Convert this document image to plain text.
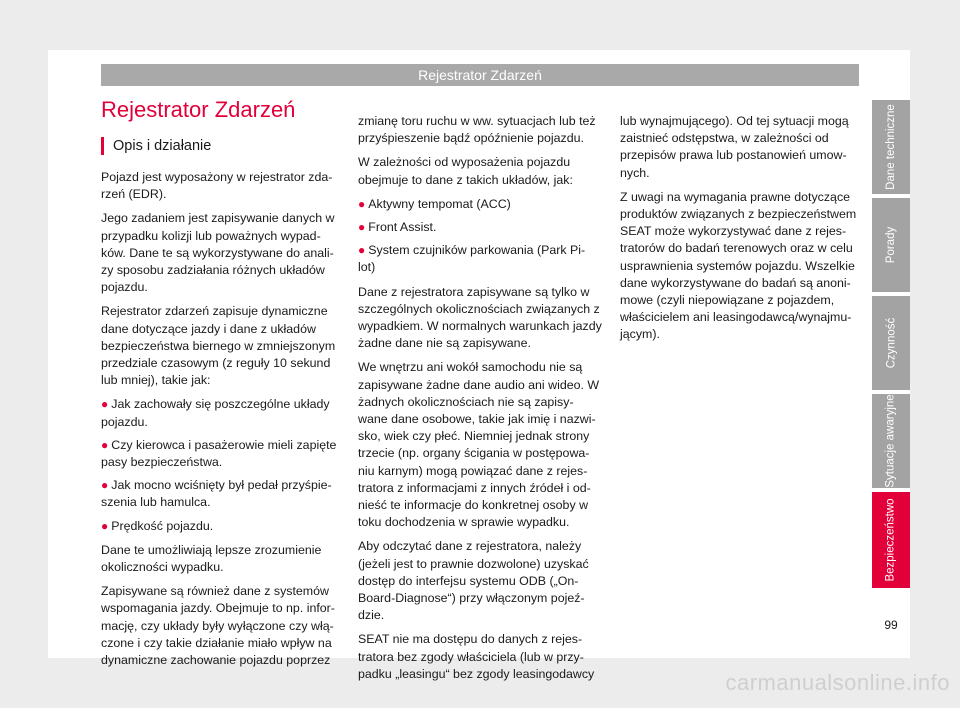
Rejestrator Zdarzeń
Rejestrator Zdarzeń
Opis i działanie

Pojazd jest wyposażony w rejestrator zda- rzeń (EDR).

Jego zadaniem jest zapisywanie danych w przypadku kolizji lub poważnych wypad- ków. Dane te są wykorzystywane do anali- zy sposobu zadziałania różnych układów pojazdu.

Rejestrator zdarzeń zapisuje dynamiczne dane dotyczące jazdy i dane z układów bezpieczeństwa biernego w zmniejszonym przedziale czasowym (z reguły 10 sekund lub mniej), takie jak:

● Jak zachowały się poszczególne układy pojazdu.
● Czy kierowca i pasażerowie mieli zapięte pasy bezpieczeństwa.
● Jak mocno wciśnięty był pedał przyśpie- szenia lub hamulca.
● Prędkość pojazdu.

Dane te umożliwiają lepsze zrozumienie okoliczności wypadku.

Zapisywane są również dane z systemów wspomagania jazdy. Obejmuje to np. infor- mację, czy układy były wyłączone czy włą- czone i czy takie działanie miało wpływ na dynamiczne zachowanie pojazdu poprzez

zmianę toru ruchu w ww. sytuacjach lub też przyśpieszenie bądź opóźnienie pojazdu.

W zależności od wyposażenia pojazdu obejmuje to dane z takich układów, jak:

● Aktywny tempomat (ACC)
● Front Assist.
● System czujników parkowania (Park Pi- lot)

Dane z rejestratora zapisywane są tylko w szczególnych okolicznościach związanych z wypadkiem. W normalnych warunkach jazdy żadne dane nie są zapisywane.

We wnętrzu ani wokół samochodu nie są zapisywane żadne dane audio ani wideo. W żadnych okolicznościach nie są zapisy- wane dane osobowe, takie jak imię i nazwi- sko, wiek czy płeć. Niemniej jednak strony trzecie (np. organy ścigania w postępowa- niu karnym) mogą powiązać dane z rejes- tratora z informacjami z innych źródeł i od- nieść te informacje do konkretnej osoby w toku dochodzenia w sprawie wypadku.

Aby odczytać dane z rejestratora, należy (jeżeli jest to prawnie dozwolone) uzyskać dostęp do interfejsu systemu ODB („On- Board-Diagnose“) przy włączonym pojeź- dzie.

SEAT nie ma dostępu do danych z rejes- tratora bez zgody właściciela (lub w przy- padku „leasingu“ bez zgody leasingodawcy

lub wynajmującego). Od tej sytuacji mogą zaistnieć odstępstwa, w zależności od przepisów prawa lub postanowień umow- nych.

Z uwagi na wymagania prawne dotyczące produktów związanych z bezpieczeństwem SEAT może wykorzystywać dane z rejes- tratorów do badań terenowych oraz w celu usprawnienia systemów pojazdu. Wszelkie dane wykorzystywane do badań są anoni- mowe (czyli niepowiązane z pojazdem, właścicielem ani leasingodawcą/wynajmu- jącym).

Dane techniczne
Porady
Czynność
Sytuacje awaryjne
Bezpieczeństwo
99
carmanualsonline.info
